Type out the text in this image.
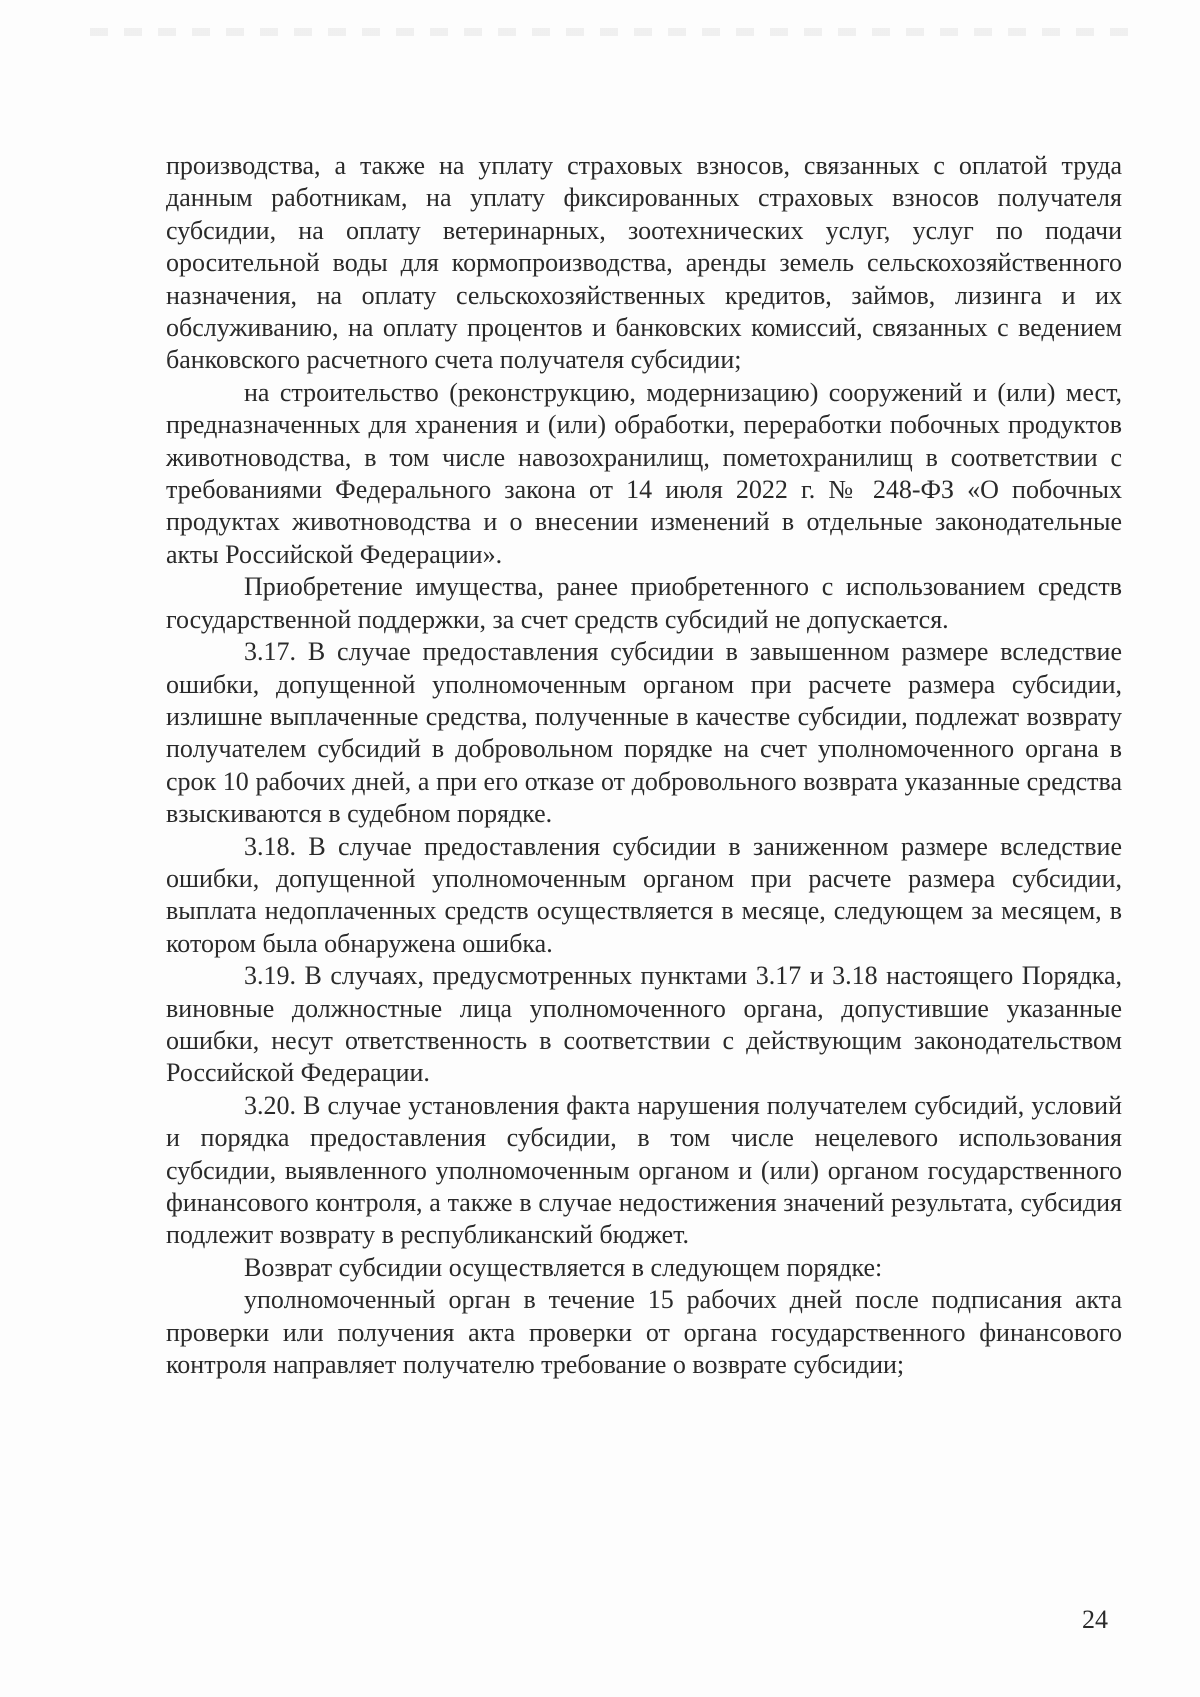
производства, а также на уплату страховых взносов, связанных с оплатой труда данным работникам, на уплату фиксированных страховых взносов получателя субсидии, на оплату ветеринарных, зоотехнических услуг, услуг по подачи оросительной воды для кормопроизводства, аренды земель сельскохозяйственного назначения, на оплату сельскохозяйственных кредитов, займов, лизинга и их обслуживанию, на оплату процентов и банковских комиссий, связанных с ведением банковского расчетного счета получателя субсидии;

на строительство (реконструкцию, модернизацию) сооружений и (или) мест, предназначенных для хранения и (или) обработки, переработки побочных продуктов животноводства, в том числе навозохранилищ, пометохранилищ в соответствии с требованиями Федерального закона от 14 июля 2022 г. № 248-ФЗ «О побочных продуктах животноводства и о внесении изменений в отдельные законодательные акты Российской Федерации».

Приобретение имущества, ранее приобретенного с использованием средств государственной поддержки, за счет средств субсидий не допускается.

3.17. В случае предоставления субсидии в завышенном размере вследствие ошибки, допущенной уполномоченным органом при расчете размера субсидии, излишне выплаченные средства, полученные в качестве субсидии, подлежат возврату получателем субсидий в добровольном порядке на счет уполномоченного органа в срок 10 рабочих дней, а при его отказе от добровольного возврата указанные средства взыскиваются в судебном порядке.

3.18. В случае предоставления субсидии в заниженном размере вследствие ошибки, допущенной уполномоченным органом при расчете размера субсидии, выплата недоплаченных средств осуществляется в месяце, следующем за месяцем, в котором была обнаружена ошибка.

3.19. В случаях, предусмотренных пунктами 3.17 и 3.18 настоящего Порядка, виновные должностные лица уполномоченного органа, допустившие указанные ошибки, несут ответственность в соответствии с действующим законодательством Российской Федерации.

3.20. В случае установления факта нарушения получателем субсидий, условий и порядка предоставления субсидии, в том числе нецелевого использования субсидии, выявленного уполномоченным органом и (или) органом государственного финансового контроля, а также в случае недостижения значений результата, субсидия подлежит возврату в республиканский бюджет.

Возврат субсидии осуществляется в следующем порядке:

уполномоченный орган в течение 15 рабочих дней после подписания акта проверки или получения акта проверки от органа государственного финансового контроля направляет получателю требование о возврате субсидии;

24
